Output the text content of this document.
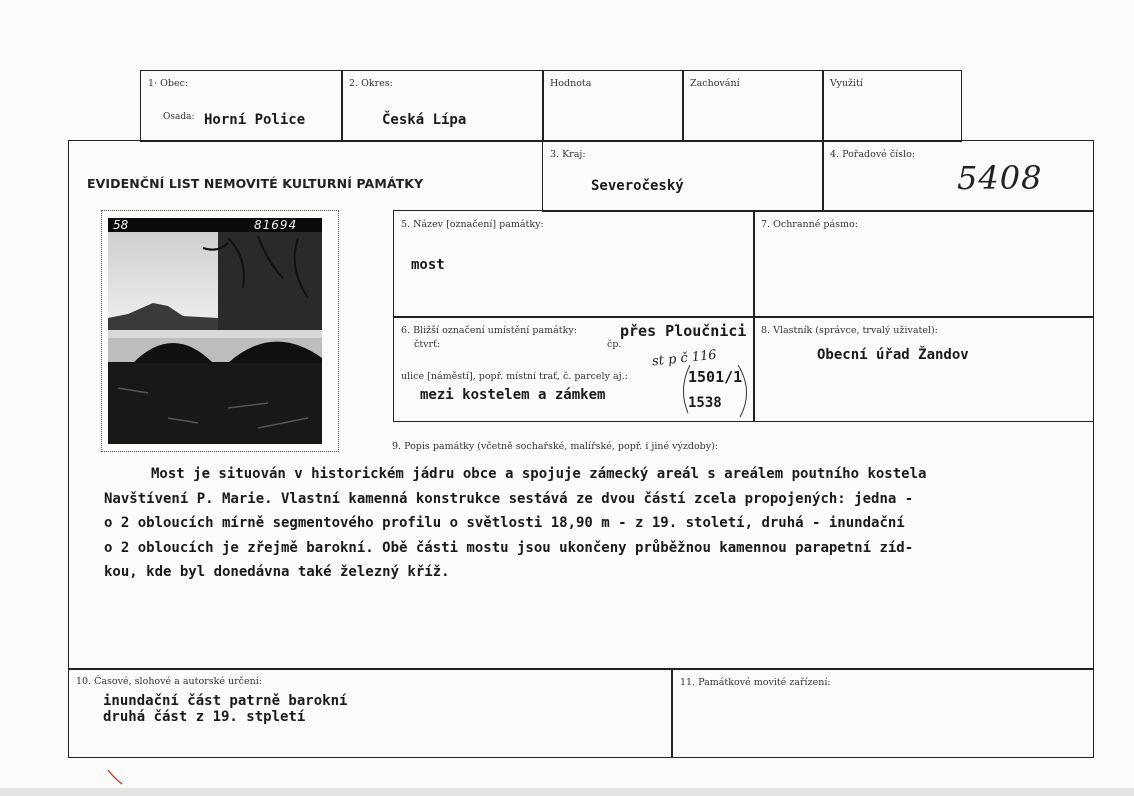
1· Obec:
Osada: Horní Police
2. Okres:
Česká Lípa
Hodnota	Zachování	Využití
EVIDENČNÍ LIST NEMOVITÉ KULTURNÍ PAMÁTKY
3. Kraj:
Severočeský
4. Pořadové číslo:
5408
58	81694	5. Název [označení] památky:
most
7. Ochranné pásmo:
6. Bližší označení umístění památky:	přes Ploučnici
čtvrť:	čp.
st p č 116
ulice [náměstí], popř. místní trať, č. parcely aj.:	1501/1
1538
mezi kostelem a zámkem
8. Vlastník (správce, trvalý uživatel):
Obecní úřad Žandov
9. Popis památky (včetně sochařské, malířské, popř. i jiné výzdoby):
Most je situován v historickém jádru obce a spojuje zámecký areál s areálem poutního kostela
Navštívení P. Marie. Vlastní kamenná konstrukce sestává ze dvou částí zcela propojených: jedna -
o 2 obloucích mírně segmentového profilu o světlosti 18,90 m - z 19. století, druhá - inundační
o 2 obloucích je zřejmě barokní. Obě části mostu jsou ukončeny průběžnou kamennou parapetní zíd-
kou, kde byl donedávna také železný kříž.
10. Časové, slohové a autorské určení:
inundační část patrně barokní
druhá část z 19. stpletí
11. Památkové movité zařízení:
